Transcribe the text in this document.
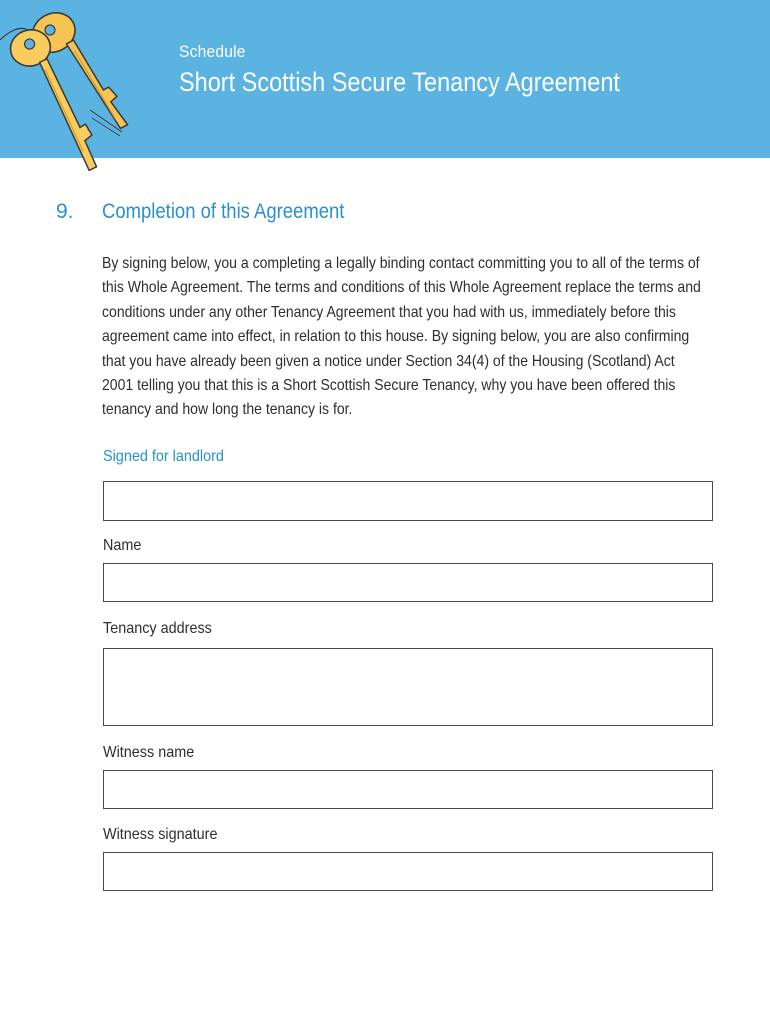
Schedule
Short Scottish Secure Tenancy Agreement
9. Completion of this Agreement
By signing below, you a completing a legally binding contact committing you to all of the terms of
this Whole Agreement. The terms and conditions of this Whole Agreement replace the terms and
conditions under any other Tenancy Agreement that you had with us, immediately before this
agreement came into effect, in relation to this house. By signing below, you are also confirming
that you have already been given a notice under Section 34(4) of the Housing (Scotland) Act
2001 telling you that this is a Short Scottish Secure Tenancy, why you have been offered this
tenancy and how long the tenancy is for.
Signed for landlord
Name
Tenancy address
Witness name
Witness signature
